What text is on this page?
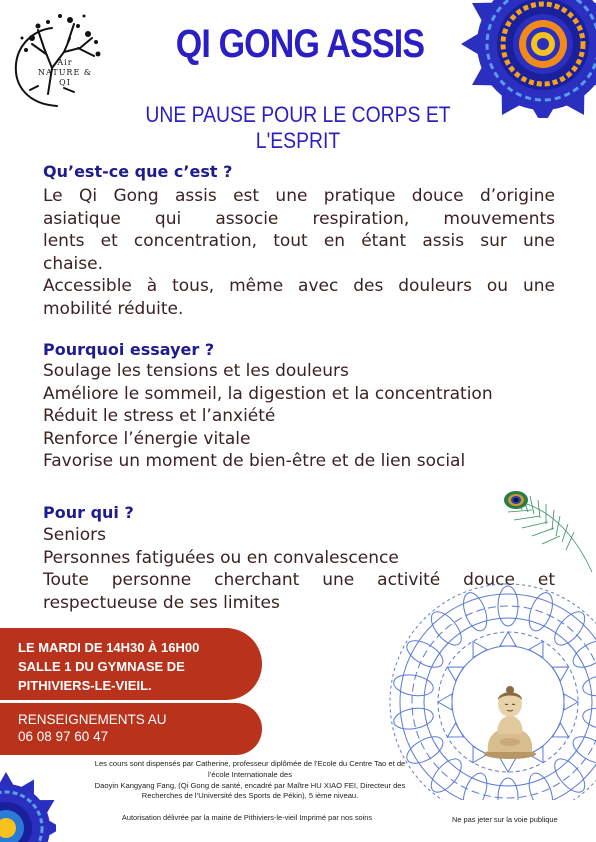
Air NATURE & QI
QI GONG ASSIS
UNE PAUSE POUR LE CORPS ET L'ESPRIT
Qu’est-ce que c’est ?
Le Qi Gong assis est une pratique douce d’origine
asiatique qui associe respiration, mouvements
lents et concentration, tout en étant assis sur une
chaise.
Accessible à tous, même avec des douleurs ou une
mobilité réduite.
Pourquoi essayer ?
Soulage les tensions et les douleurs
Améliore le sommeil, la digestion et la concentration
Réduit le stress et l’anxiété
Renforce l’énergie vitale
Favorise un moment de bien-être et de lien social
Pour qui ?
Seniors
Personnes fatiguées ou en convalescence
Toute personne cherchant une activité douce et
respectueuse de ses limites
LE MARDI DE 14H30 À 16H00
SALLE 1 DU GYMNASE DE
PITHIVIERS-LE-VIEIL.
RENSEIGNEMENTS AU
06 08 97 60 47
Les cours sont dispensés par Catherine, professeur diplômée de l’Ecole du Centre Tao et de
l’école Internationale des
Daoyin Kangyang Fang, (Qi Gong de santé, encadré par Maître HU XIAO FEI, Directeur des
Recherches de l’Université des Sports de Pékin), 5 ième niveau.
Autorisation délivrée par la mairie de Pithiviers-le-vieil Imprimé par nos soins	Ne pas jeter sur la voie publique
